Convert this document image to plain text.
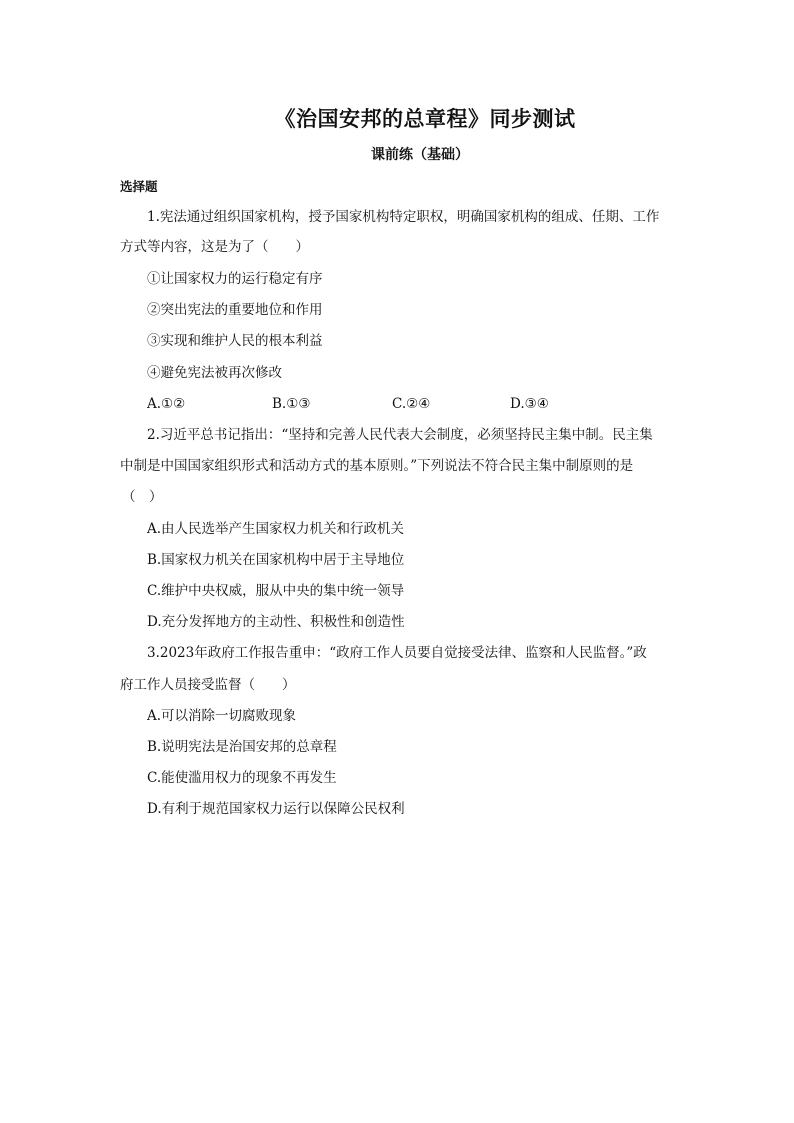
《治国安邦的总章程》同步测试
课前练（基础）
选择题
1.宪法通过组织国家机构，授予国家机构特定职权，明确国家机构的组成、任期、工作
方式等内容，这是为了（　　）
①让国家权力的运行稳定有序
②突出宪法的重要地位和作用
③实现和维护人民的根本利益
④避免宪法被再次修改
A.①②	B.①③	C.②④	D.③④
2.习近平总书记指出：“坚持和完善人民代表大会制度，必须坚持民主集中制。民主集
中制是中国国家组织形式和活动方式的基本原则。”下列说法不符合民主集中制原则的是
（　）
A.由人民选举产生国家权力机关和行政机关
B.国家权力机关在国家机构中居于主导地位
C.维护中央权威，服从中央的集中统一领导
D.充分发挥地方的主动性、积极性和创造性
3.2023年政府工作报告重申：“政府工作人员要自觉接受法律、监察和人民监督。”政
府工作人员接受监督（　　）
A.可以消除一切腐败现象
B.说明宪法是治国安邦的总章程
C.能使滥用权力的现象不再发生
D.有利于规范国家权力运行以保障公民权利
